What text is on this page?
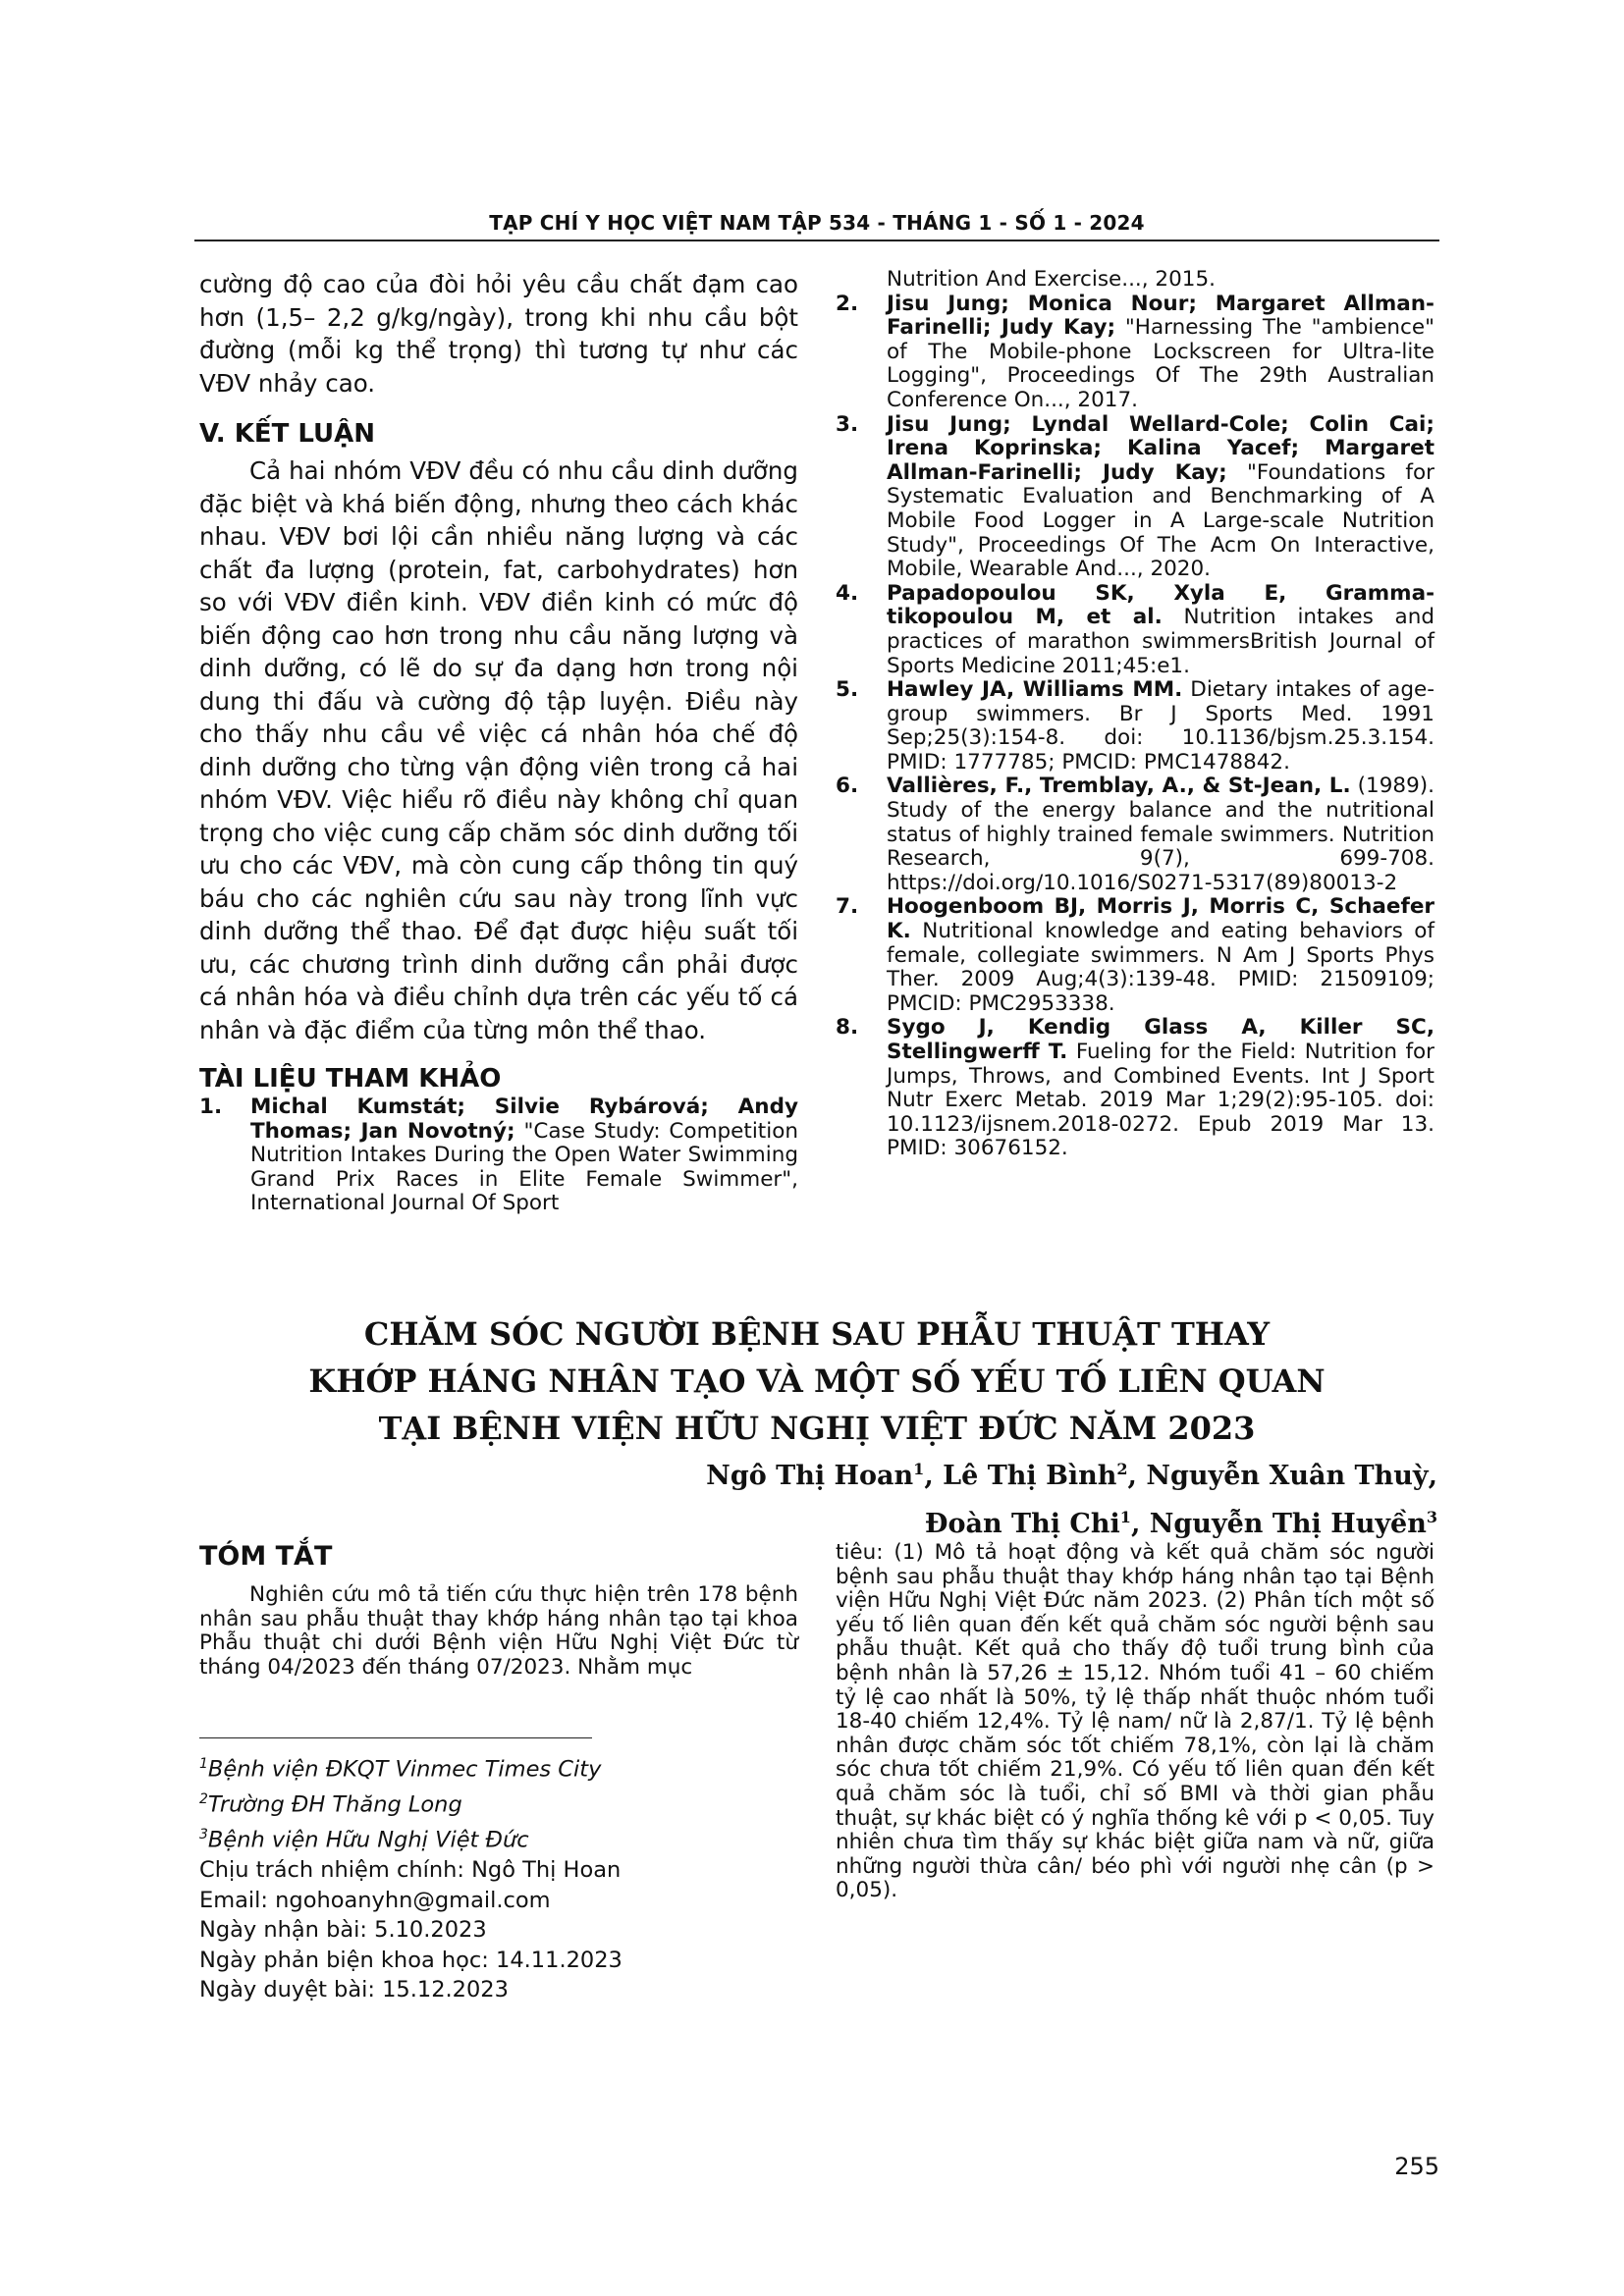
TẠP CHÍ Y HỌC VIỆT NAM TẬP 534 - THÁNG 1 - SỐ 1 - 2024
cường độ cao của đòi hỏi yêu cầu chất đạm cao hơn (1,5– 2,2 g/kg/ngày), trong khi nhu cầu bột đường (mỗi kg thể trọng) thì tương tự như các VĐV nhảy cao.
V. KẾT LUẬN
Cả hai nhóm VĐV đều có nhu cầu dinh dưỡng đặc biệt và khá biến động, nhưng theo cách khác nhau. VĐV bơi lội cần nhiều năng lượng và các chất đa lượng (protein, fat, carbohydrates) hơn so với VĐV điền kinh. VĐV điền kinh có mức độ biến động cao hơn trong nhu cầu năng lượng và dinh dưỡng, có lẽ do sự đa dạng hơn trong nội dung thi đấu và cường độ tập luyện. Điều này cho thấy nhu cầu về việc cá nhân hóa chế độ dinh dưỡng cho từng vận động viên trong cả hai nhóm VĐV. Việc hiểu rõ điều này không chỉ quan trọng cho việc cung cấp chăm sóc dinh dưỡng tối ưu cho các VĐV, mà còn cung cấp thông tin quý báu cho các nghiên cứu sau này trong lĩnh vực dinh dưỡng thể thao. Để đạt được hiệu suất tối ưu, các chương trình dinh dưỡng cần phải được cá nhân hóa và điều chỉnh dựa trên các yếu tố cá nhân và đặc điểm của từng môn thể thao.
TÀI LIỆU THAM KHẢO
1.	Michal Kumstát; Silvie Rybárová; Andy Thomas; Jan Novotný; "Case Study: Competition Nutrition Intakes During the Open Water Swimming Grand Prix Races in Elite Female Swimmer", International Journal Of Sport
Nutrition And Exercise..., 2015.
2.	Jisu Jung; Monica Nour; Margaret Allman-Farinelli; Judy Kay; "Harnessing The "ambience" of The Mobile-phone Lockscreen for Ultra-lite Logging", Proceedings Of The 29th Australian Conference On..., 2017.
3.	Jisu Jung; Lyndal Wellard-Cole; Colin Cai; Irena Koprinska; Kalina Yacef; Margaret Allman-Farinelli; Judy Kay; "Foundations for Systematic Evaluation and Benchmarking of A Mobile Food Logger in A Large-scale Nutrition Study", Proceedings Of The Acm On Interactive, Mobile, Wearable And..., 2020.
4.	Papadopoulou SK, Xyla E, Gramma-tikopoulou M, et al. Nutrition intakes and practices of marathon swimmersBritish Journal of Sports Medicine 2011;45:e1.
5.	Hawley JA, Williams MM. Dietary intakes of age-group swimmers. Br J Sports Med. 1991 Sep;25(3):154-8. doi: 10.1136/bjsm.25.3.154. PMID: 1777785; PMCID: PMC1478842.
6.	Vallières, F., Tremblay, A., & St-Jean, L. (1989). Study of the energy balance and the nutritional status of highly trained female swimmers. Nutrition Research, 9(7), 699-708. https://doi.org/10.1016/S0271-5317(89)80013-2
7.	Hoogenboom BJ, Morris J, Morris C, Schaefer K. Nutritional knowledge and eating behaviors of female, collegiate swimmers. N Am J Sports Phys Ther. 2009 Aug;4(3):139-48. PMID: 21509109; PMCID: PMC2953338.
8.	Sygo J, Kendig Glass A, Killer SC, Stellingwerff T. Fueling for the Field: Nutrition for Jumps, Throws, and Combined Events. Int J Sport Nutr Exerc Metab. 2019 Mar 1;29(2):95-105. doi: 10.1123/ijsnem.2018-0272. Epub 2019 Mar 13. PMID: 30676152.
CHĂM SÓC NGƯỜI BỆNH SAU PHẪU THUẬT THAY
KHỚP HÁNG NHÂN TẠO VÀ MỘT SỐ YẾU TỐ LIÊN QUAN
TẠI BỆNH VIỆN HỮU NGHỊ VIỆT ĐỨC NĂM 2023
Ngô Thị Hoan$^1$, Lê Thị Bình$^2$, Nguyễn Xuân Thuỳ,
Đoàn Thị Chi$^1$, Nguyễn Thị Huyền$^3$
TÓM TẮT
Nghiên cứu mô tả tiến cứu thực hiện trên 178 bệnh nhân sau phẫu thuật thay khớp háng nhân tạo tại khoa Phẫu thuật chi dưới Bệnh viện Hữu Nghị Việt Đức từ tháng 04/2023 đến tháng 07/2023. Nhằm mục
tiêu: (1) Mô tả hoạt động và kết quả chăm sóc người bệnh sau phẫu thuật thay khớp háng nhân tạo tại Bệnh viện Hữu Nghị Việt Đức năm 2023. (2) Phân tích một số yếu tố liên quan đến kết quả chăm sóc người bệnh sau phẫu thuật. Kết quả cho thấy độ tuổi trung bình của bệnh nhân là 57,26 ± 15,12. Nhóm tuổi 41 – 60 chiếm tỷ lệ cao nhất là 50%, tỷ lệ thấp nhất thuộc nhóm tuổi 18-40 chiếm 12,4%. Tỷ lệ nam/ nữ là 2,87/1. Tỷ lệ bệnh nhân được chăm sóc tốt chiếm 78,1%, còn lại là chăm sóc chưa tốt chiếm 21,9%. Có yếu tố liên quan đến kết quả chăm sóc là tuổi, chỉ số BMI và thời gian phẫu thuật, sự khác biệt có ý nghĩa thống kê với p < 0,05. Tuy nhiên chưa tìm thấy sự khác biệt giữa nam và nữ, giữa những người thừa cân/ béo phì với người nhẹ cân (p > 0,05).
$^1$Bệnh viện ĐKQT Vinmec Times City
$^2$Trường ĐH Thăng Long
$^3$Bệnh viện Hữu Nghị Việt Đức
Chịu trách nhiệm chính: Ngô Thị Hoan
Email: ngohoanyhn@gmail.com
Ngày nhận bài: 5.10.2023
Ngày phản biện khoa học: 14.11.2023
Ngày duyệt bài: 15.12.2023
255
